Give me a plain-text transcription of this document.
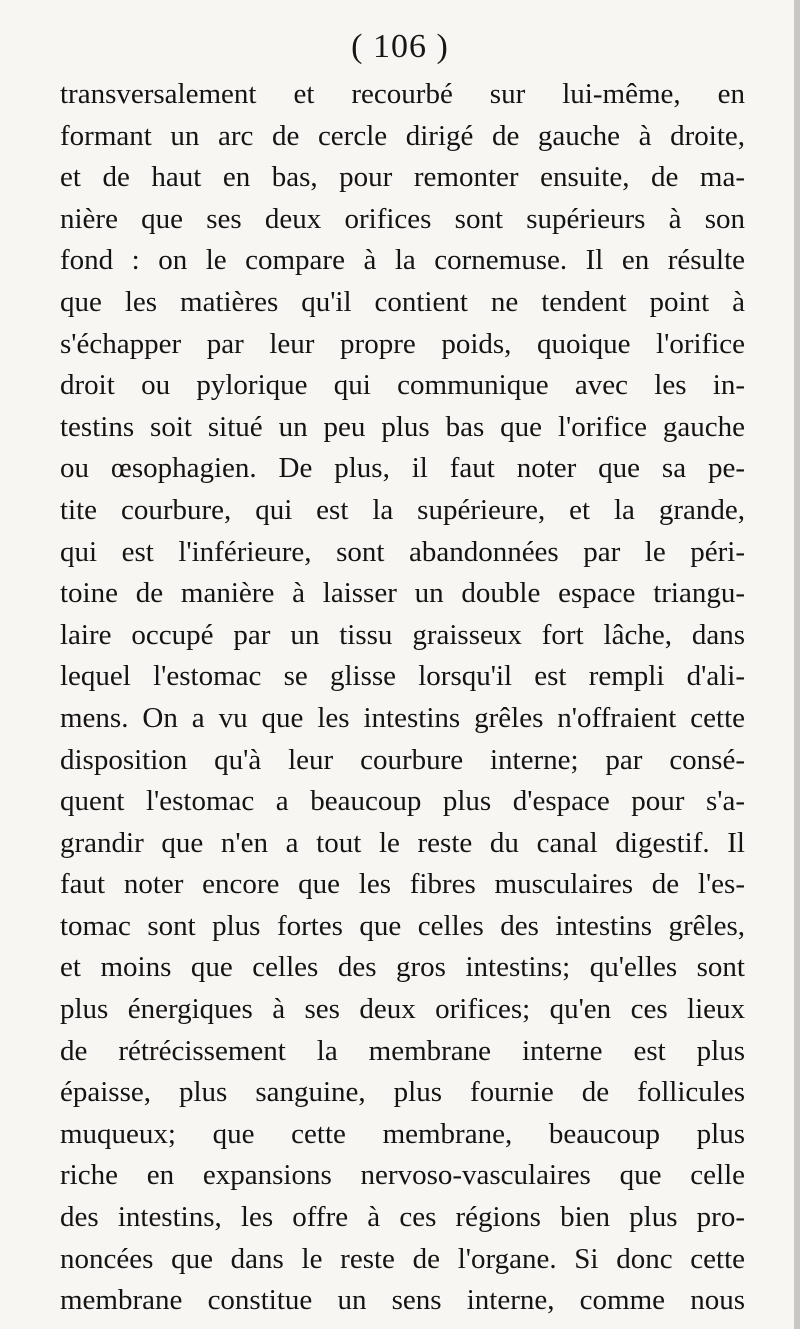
( 106 )
transversalement et recourbé sur lui-même, en
formant un arc de cercle dirigé de gauche à droite,
et de haut en bas, pour remonter ensuite, de ma-
nière que ses deux orifices sont supérieurs à son
fond : on le compare à la cornemuse. Il en résulte
que les matières qu'il contient ne tendent point à
s'échapper par leur propre poids, quoique l'orifice
droit ou pylorique qui communique avec les in-
testins soit situé un peu plus bas que l'orifice gauche
ou œsophagien. De plus, il faut noter que sa pe-
tite courbure, qui est la supérieure, et la grande,
qui est l'inférieure, sont abandonnées par le péri-
toine de manière à laisser un double espace triangu-
laire occupé par un tissu graisseux fort lâche, dans
lequel l'estomac se glisse lorsqu'il est rempli d'ali-
mens. On a vu que les intestins grêles n'offraient cette
disposition qu'à leur courbure interne; par consé-
quent l'estomac a beaucoup plus d'espace pour s'a-
grandir que n'en a tout le reste du canal digestif. Il
faut noter encore que les fibres musculaires de l'es-
tomac sont plus fortes que celles des intestins grêles,
et moins que celles des gros intestins; qu'elles sont
plus énergiques à ses deux orifices; qu'en ces lieux
de rétrécissement la membrane interne est plus
épaisse, plus sanguine, plus fournie de follicules
muqueux; que cette membrane, beaucoup plus
riche en expansions nervoso-vasculaires que celle
des intestins, les offre à ces régions bien plus pro-
noncées que dans le reste de l'organe. Si donc cette
membrane constitue un sens interne, comme nous
